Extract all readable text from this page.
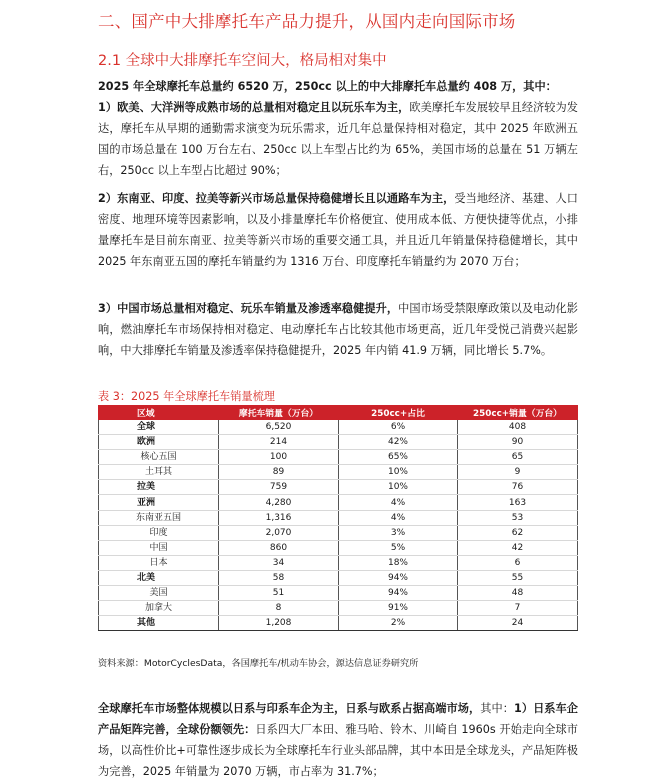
二、国产中大排摩托车产品力提升，从国内走向国际市场
2.1 全球中大排摩托车空间大，格局相对集中

2025 年全球摩托车总量约 6520 万，250cc 以上的中大排摩托车总量约 408 万，其中：

1）欧美、大洋洲等成熟市场的总量相对稳定且以玩乐车为主，欧美摩托车发展较早且经济较为发达，摩托车从早期的通勤需求演变为玩乐需求，近几年总量保持相对稳定，其中 2025 年欧洲五国的市场总量在 100 万台左右、250cc 以上车型占比约为 65%，美国市场的总量在 51 万辆左右，250cc 以上车型占比超过 90%；

2）东南亚、印度、拉美等新兴市场总量保持稳健增长且以通路车为主，受当地经济、基建、人口密度、地理环境等因素影响，以及小排量摩托车价格便宜、使用成本低、方便快捷等优点，小排量摩托车是目前东南亚、拉美等新兴市场的重要交通工具，并且近几年销量保持稳健增长，其中 2025 年东南亚五国的摩托车销量约为 1316 万台、印度摩托车销量约为 2070 万台；

3）中国市场总量相对稳定、玩乐车销量及渗透率稳健提升，中国市场受禁限摩政策以及电动化影响，燃油摩托车市场保持相对稳定、电动摩托车占比较其他市场更高，近几年受悦己消费兴起影响，中大排摩托车销量及渗透率保持稳健提升，2025 年内销 41.9 万辆，同比增长 5.7%。

表 3：2025 年全球摩托车销量梳理
区域	摩托车销量（万台）	250cc+占比	250cc+销量（万台）
全球	6,520	6%	408
欧洲	214	42%	90
核心五国	100	65%	65
土耳其	89	10%	9
拉美	759	10%	76
亚洲	4,280	4%	163
东南亚五国	1,316	4%	53
印度	2,070	3%	62
中国	860	5%	42
日本	34	18%	6
北美	58	94%	55
美国	51	94%	48
加拿大	8	91%	7
其他	1,208	2%	24
资料来源：MotorCyclesData，各国摩托车/机动车协会，源达信息证券研究所

全球摩托车市场整体规模以日系与印系车企为主，日系与欧系占据高端市场，其中：1）日系车企产品矩阵完善，全球份额领先：日系四大厂本田、雅马哈、铃木、川崎自 1960s 开始走向全球市场，以高性价比+可靠性逐步成长为全球摩托车行业头部品牌，其中本田是全球龙头，产品矩阵极为完善，2025 年销量为 2070 万辆，市占率为 31.7%；
